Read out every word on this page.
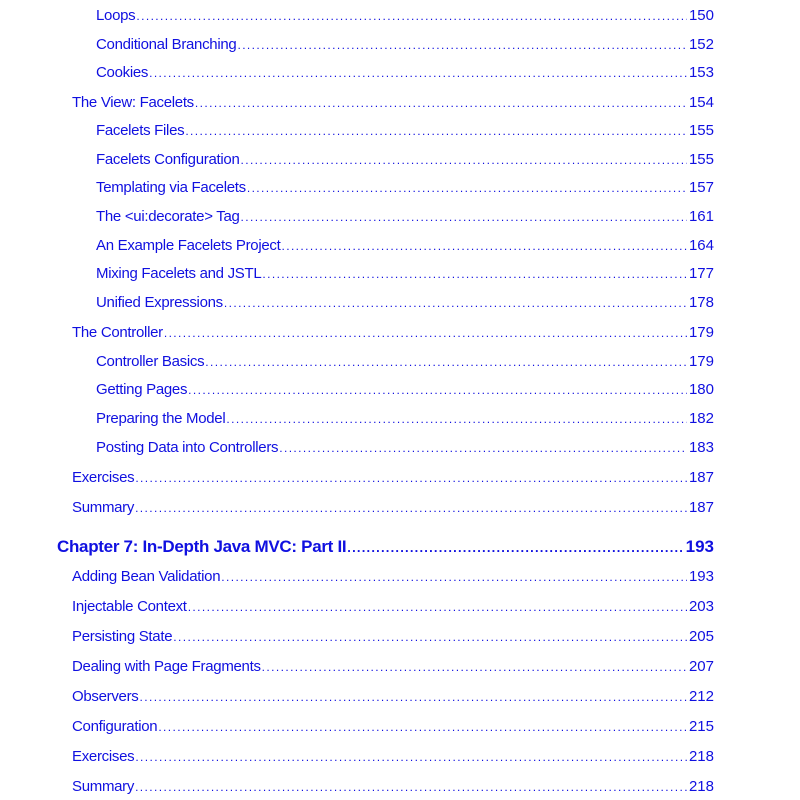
Loops .....	150
Conditional Branching .....	152
Cookies .....	153
The View: Facelets .....	154
Facelets Files .....	155
Facelets Configuration .....	155
Templating via Facelets .....	157
The <ui:decorate> Tag .....	161
An Example Facelets Project .....	164
Mixing Facelets and JSTL .....	177
Unified Expressions .....	178
The Controller .....	179
Controller Basics .....	179
Getting Pages .....	180
Preparing the Model .....	182
Posting Data into Controllers .....	183
Exercises .....	187
Summary .....	187
Chapter 7: In-Depth Java MVC: Part II .....	193
Adding Bean Validation .....	193
Injectable Context .....	203
Persisting State .....	205
Dealing with Page Fragments .....	207
Observers .....	212
Configuration .....	215
Exercises .....	218
Summary .....	218
